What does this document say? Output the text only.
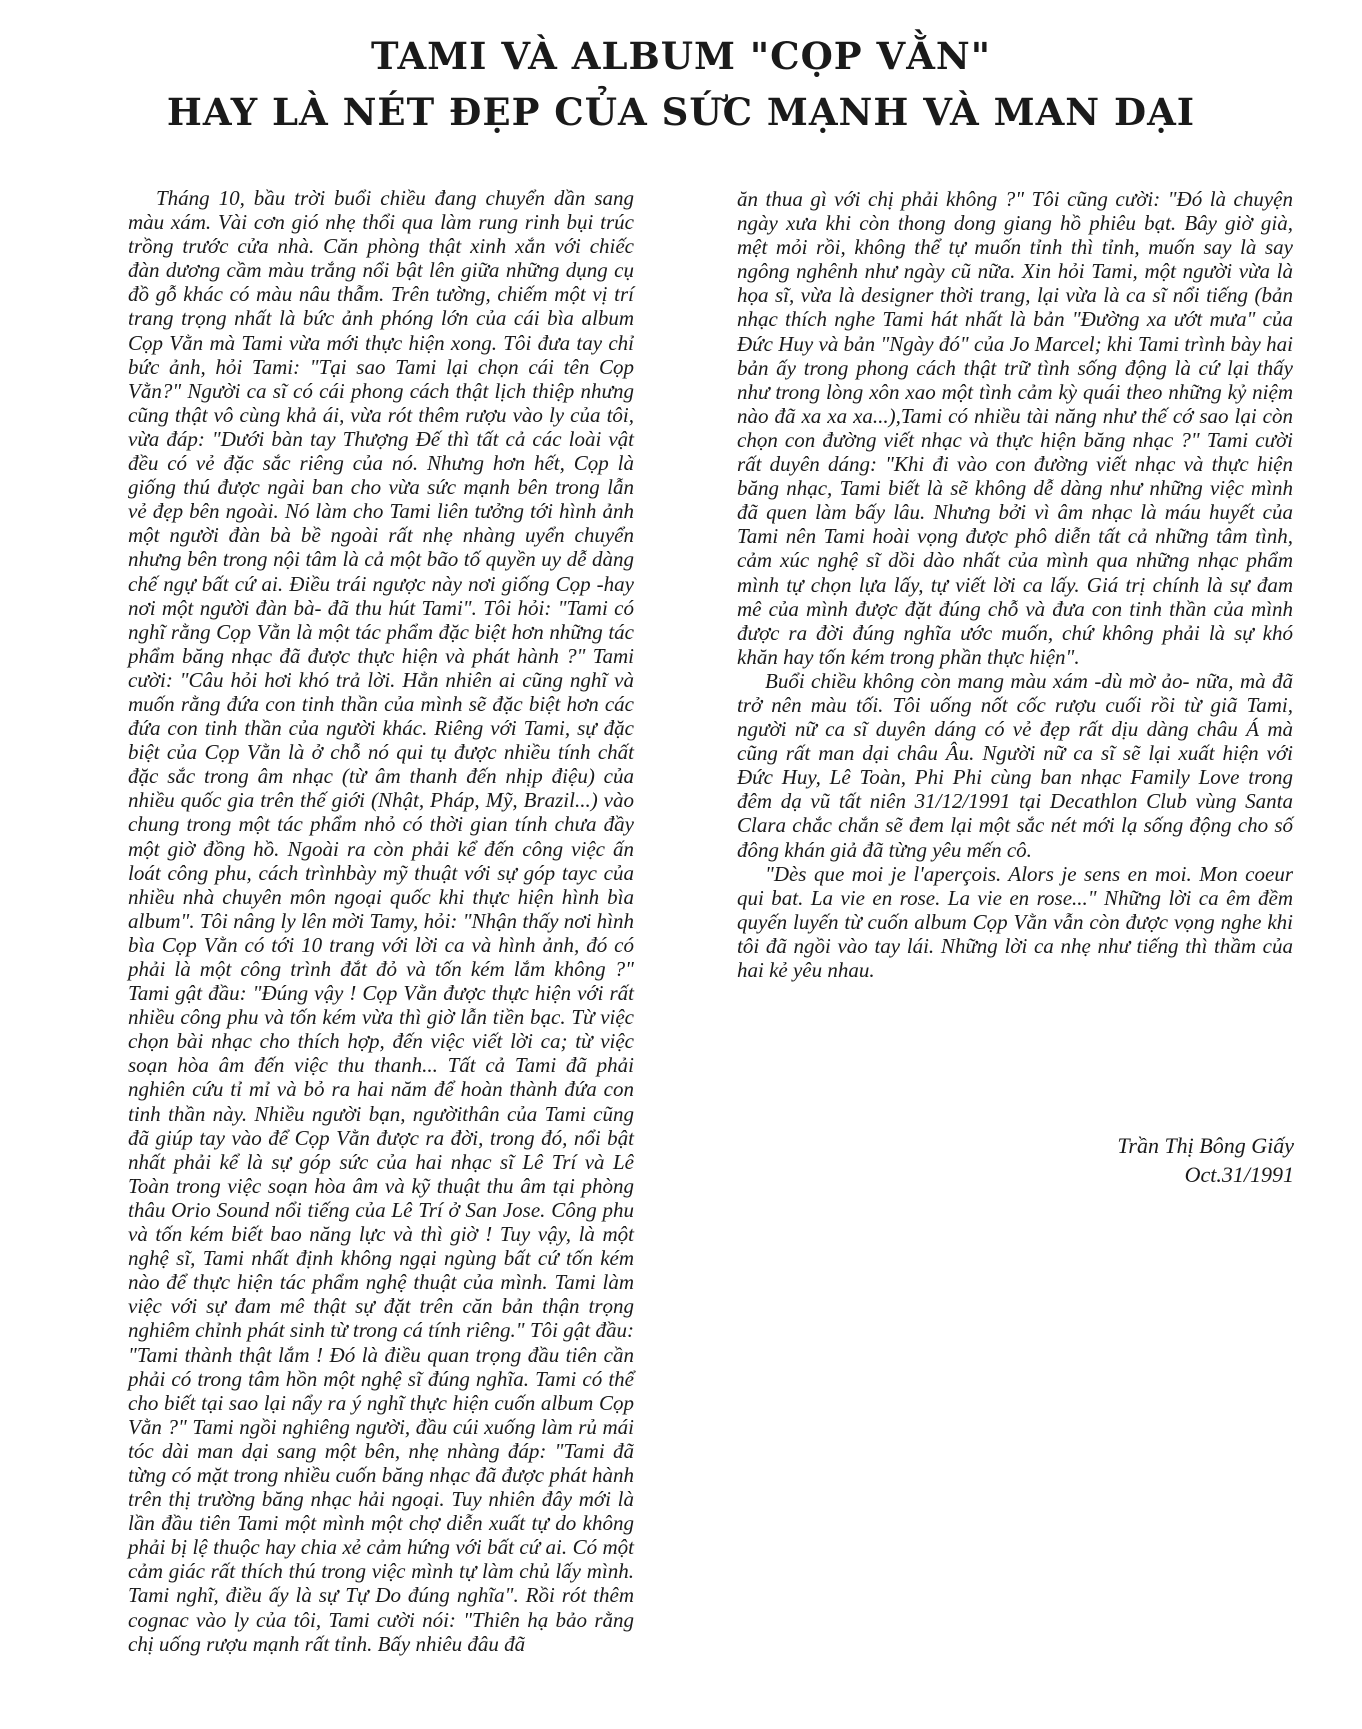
TAMI VÀ ALBUM "CỌP VẰN"
HAY LÀ NÉT ĐẸP CỦA SỨC MẠNH VÀ MAN DẠI

Tháng 10, bầu trời buổi chiều đang chuyển dần sang màu xám. Vài cơn gió nhẹ thổi qua làm rung rinh bụi trúc trồng trước cửa nhà. Căn phòng thật xinh xắn với chiếc đàn dương cầm màu trắng nổi bật lên giữa những dụng cụ đồ gỗ khác có màu nâu thẫm. Trên tường, chiếm một vị trí trang trọng nhất là bức ảnh phóng lớn của cái bìa album Cọp Vằn mà Tami vừa mới thực hiện xong. Tôi đưa tay chỉ bức ảnh, hỏi Tami: "Tại sao Tami lại chọn cái tên Cọp Vằn?" Người ca sĩ có cái phong cách thật lịch thiệp nhưng cũng thật vô cùng khả ái, vừa rót thêm rượu vào ly của tôi, vừa đáp: "Dưới bàn tay Thượng Đế thì tất cả các loài vật đều có vẻ đặc sắc riêng của nó. Nhưng hơn hết, Cọp là giống thú được ngài ban cho vừa sức mạnh bên trong lẫn vẻ đẹp bên ngoài. Nó làm cho Tami liên tưởng tới hình ảnh một người đàn bà bề ngoài rất nhẹ nhàng uyển chuyển nhưng bên trong nội tâm là cả một bão tố quyền uy dễ dàng chế ngự bất cứ ai. Điều trái ngược này nơi giống Cọp -hay nơi một người đàn bà- đã thu hút Tami". Tôi hỏi: "Tami có nghĩ rằng Cọp Vằn là một tác phẩm đặc biệt hơn những tác phẩm băng nhạc đã được thực hiện và phát hành ?" Tami cười: "Câu hỏi hơi khó trả lời. Hẳn nhiên ai cũng nghĩ và muốn rằng đứa con tinh thần của mình sẽ đặc biệt hơn các đứa con tinh thần của người khác. Riêng với Tami, sự đặc biệt của Cọp Vằn là ở chỗ nó qui tụ được nhiều tính chất đặc sắc trong âm nhạc (từ âm thanh đến nhịp điệu) của nhiều quốc gia trên thế giới (Nhật, Pháp, Mỹ, Brazil...) vào chung trong một tác phẩm nhỏ có thời gian tính chưa đầy một giờ đồng hồ. Ngoài ra còn phải kể đến công việc ấn loát công phu, cách trìnhbày mỹ thuật với sự góp tayc của nhiều nhà chuyên môn ngoại quốc khi thực hiện hình bìa album". Tôi nâng ly lên mời Tamy, hỏi: "Nhận thấy nơi hình bìa Cọp Vằn có tới 10 trang với lời ca và hình ảnh, đó có phải là một công trình đắt đỏ và tốn kém lắm không ?" Tami gật đầu: "Đúng vậy ! Cọp Vằn được thực hiện với rất nhiều công phu và tốn kém vừa thì giờ lẫn tiền bạc. Từ việc chọn bài nhạc cho thích hợp, đến việc viết lời ca; từ việc soạn hòa âm đến việc thu thanh... Tất cả Tami đã phải nghiên cứu tỉ mỉ và bỏ ra hai năm để hoàn thành đứa con tinh thần này. Nhiều người bạn, ngườithân của Tami cũng đã giúp tay vào để Cọp Vằn được ra đời, trong đó, nổi bật nhất phải kể là sự góp sức của hai nhạc sĩ Lê Trí và Lê Toàn trong việc soạn hòa âm và kỹ thuật thu âm tại phòng thâu Orio Sound nổi tiếng của Lê Trí ở San Jose. Công phu và tốn kém biết bao năng lực và thì giờ ! Tuy vậy, là một nghệ sĩ, Tami nhất định không ngại ngùng bất cứ tốn kém nào để thực hiện tác phẩm nghệ thuật của mình. Tami làm việc với sự đam mê thật sự đặt trên căn bản thận trọng nghiêm chỉnh phát sinh từ trong cá tính riêng." Tôi gật đầu: "Tami thành thật lắm ! Đó là điều quan trọng đầu tiên cần phải có trong tâm hồn một nghệ sĩ đúng nghĩa. Tami có thể cho biết tại sao lại nẩy ra ý nghĩ thực hiện cuốn album Cọp Vằn ?" Tami ngồi nghiêng người, đầu cúi xuống làm rủ mái tóc dài man dại sang một bên, nhẹ nhàng đáp: "Tami đã từng có mặt trong nhiều cuốn băng nhạc đã được phát hành trên thị trường băng nhạc hải ngoại. Tuy nhiên đây mới là lần đầu tiên Tami một mình một chợ diễn xuất tự do không phải bị lệ thuộc hay chia xẻ cảm hứng với bất cứ ai. Có một cảm giác rất thích thú trong việc mình tự làm chủ lấy mình. Tami nghĩ, điều ấy là sự Tự Do đúng nghĩa". Rồi rót thêm cognac vào ly của tôi, Tami cười nói: "Thiên hạ bảo rằng chị uống rượu mạnh rất tỉnh. Bấy nhiêu đâu đã

ăn thua gì với chị phải không ?" Tôi cũng cười: "Đó là chuyện ngày xưa khi còn thong dong giang hồ phiêu bạt. Bây giờ già, mệt mỏi rồi, không thể tự muốn tỉnh thì tỉnh, muốn say là say ngông nghênh như ngày cũ nữa. Xin hỏi Tami, một người vừa là họa sĩ, vừa là designer thời trang, lại vừa là ca sĩ nổi tiếng (bản nhạc thích nghe Tami hát nhất là bản "Đường xa ướt mưa" của Đức Huy và bản "Ngày đó" của Jo Marcel; khi Tami trình bày hai bản ấy trong phong cách thật trữ tình sống động là cứ lại thấy như trong lòng xôn xao một tình cảm kỳ quái theo những kỷ niệm nào đã xa xa xa...),Tami có nhiều tài năng như thế cớ sao lại còn chọn con đường viết nhạc và thực hiện băng nhạc ?" Tami cười rất duyên dáng: "Khi đi vào con đường viết nhạc và thực hiện băng nhạc, Tami biết là sẽ không dễ dàng như những việc mình đã quen làm bấy lâu. Nhưng bởi vì âm nhạc là máu huyết của Tami nên Tami hoài vọng được phô diễn tất cả những tâm tình, cảm xúc nghệ sĩ dồi dào nhất của mình qua những nhạc phẩm mình tự chọn lựa lấy, tự viết lời ca lấy. Giá trị chính là sự đam mê của mình được đặt đúng chỗ và đưa con tinh thần của mình được ra đời đúng nghĩa ước muốn, chứ không phải là sự khó khăn hay tốn kém trong phần thực hiện".

Buổi chiều không còn mang màu xám -dù mờ ảo- nữa, mà đã trở nên màu tối. Tôi uống nốt cốc rượu cuối rồi từ giã Tami, người nữ ca sĩ duyên dáng có vẻ đẹp rất dịu dàng châu Á mà cũng rất man dại châu Âu. Người nữ ca sĩ sẽ lại xuất hiện với Đức Huy, Lê Toàn, Phi Phi cùng ban nhạc Family Love trong đêm dạ vũ tất niên 31/12/1991 tại Decathlon Club vùng Santa Clara chắc chắn sẽ đem lại một sắc nét mới lạ sống động cho số đông khán giả đã từng yêu mến cô.

"Dès que moi je l'aperçois. Alors je sens en moi. Mon coeur qui bat. La vie en rose. La vie en rose..." Những lời ca êm đềm quyến luyến từ cuốn album Cọp Vằn vẫn còn được vọng nghe khi tôi đã ngồi vào tay lái. Những lời ca nhẹ như tiếng thì thầm của hai kẻ yêu nhau.

Trần Thị Bông Giấy
Oct.31/1991
